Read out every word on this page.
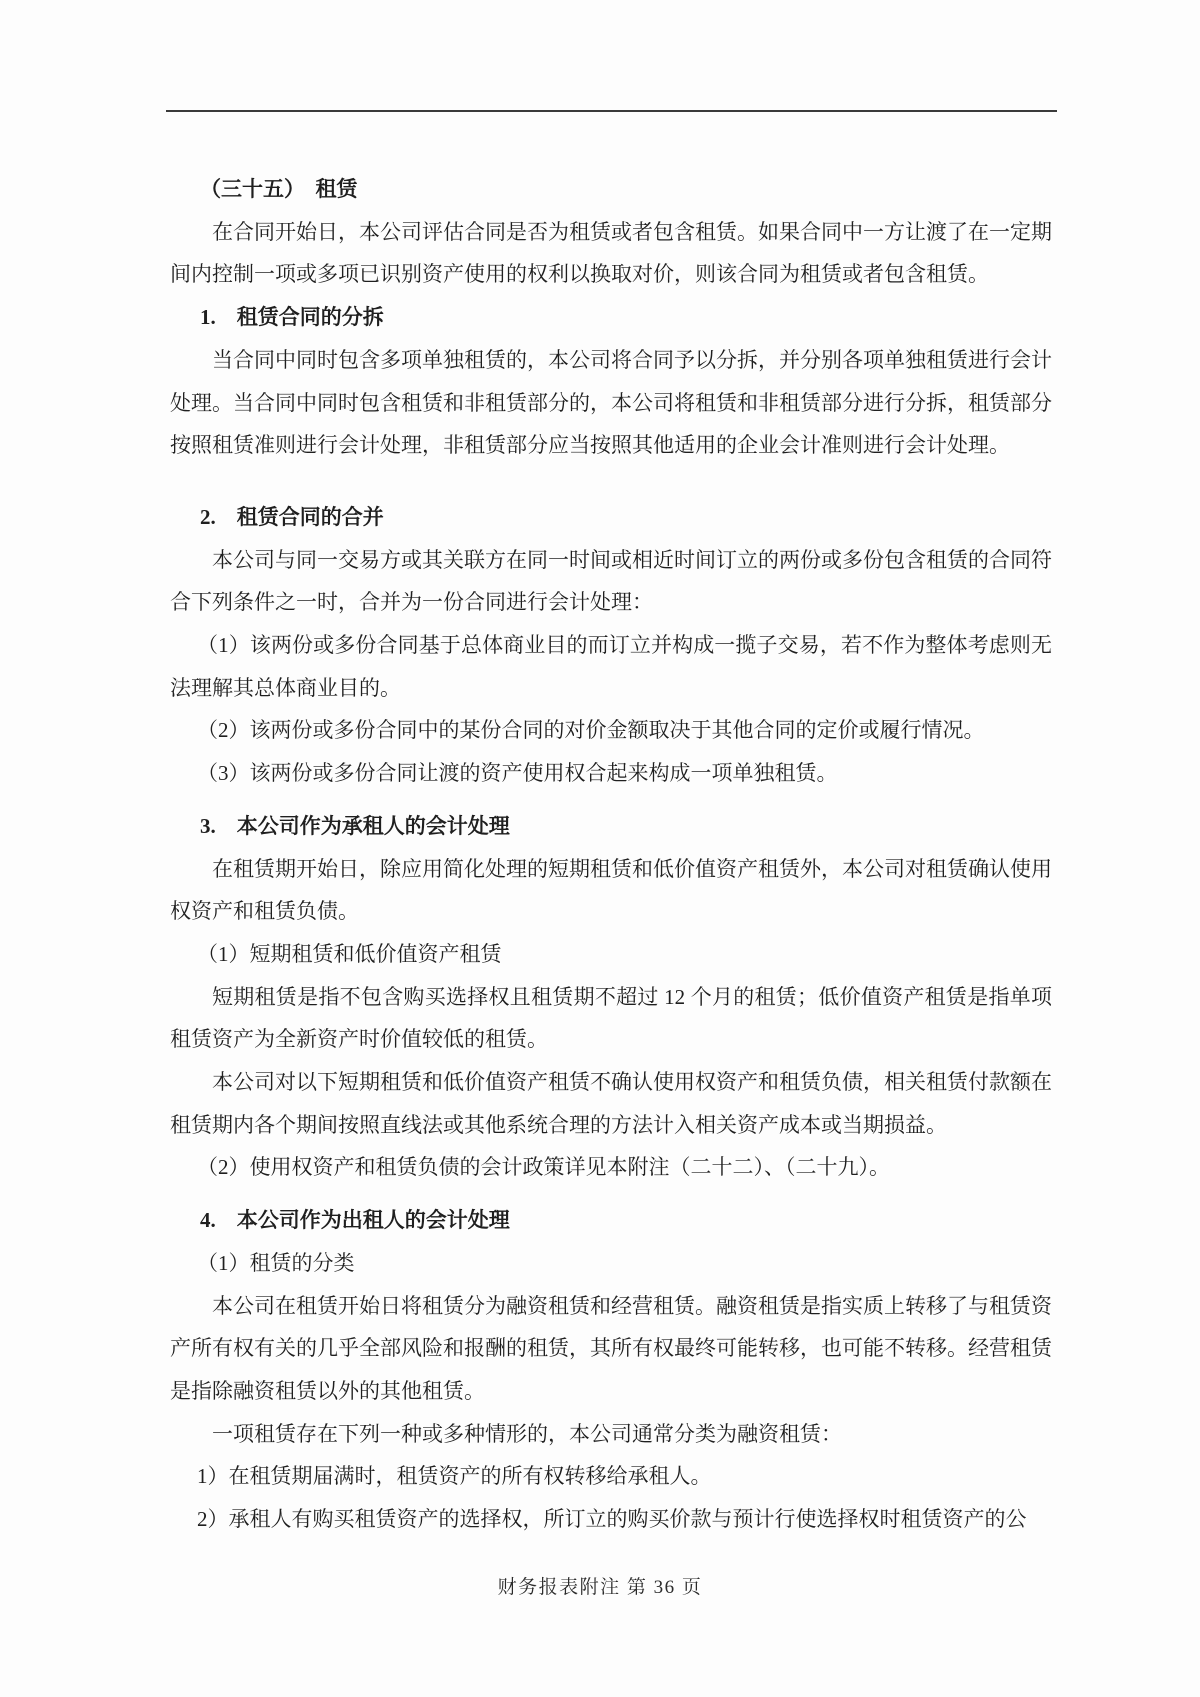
（三十五）　租赁

在合同开始日，本公司评估合同是否为租赁或者包含租赁。如果合同中一方让渡了在一定期间内控制一项或多项已识别资产使用的权利以换取对价，则该合同为租赁或者包含租赁。

1.　租赁合同的分拆

当合同中同时包含多项单独租赁的，本公司将合同予以分拆，并分别各项单独租赁进行会计处理。当合同中同时包含租赁和非租赁部分的，本公司将租赁和非租赁部分进行分拆，租赁部分按照租赁准则进行会计处理，非租赁部分应当按照其他适用的企业会计准则进行会计处理。

2.　租赁合同的合并

本公司与同一交易方或其关联方在同一时间或相近时间订立的两份或多份包含租赁的合同符合下列条件之一时，合并为一份合同进行会计处理：

（1）该两份或多份合同基于总体商业目的而订立并构成一揽子交易，若不作为整体考虑则无法理解其总体商业目的。

（2）该两份或多份合同中的某份合同的对价金额取决于其他合同的定价或履行情况。

（3）该两份或多份合同让渡的资产使用权合起来构成一项单独租赁。

3.　本公司作为承租人的会计处理

在租赁期开始日，除应用简化处理的短期租赁和低价值资产租赁外，本公司对租赁确认使用权资产和租赁负债。

（1）短期租赁和低价值资产租赁

短期租赁是指不包含购买选择权且租赁期不超过 12 个月的租赁；低价值资产租赁是指单项租赁资产为全新资产时价值较低的租赁。

本公司对以下短期租赁和低价值资产租赁不确认使用权资产和租赁负债，相关租赁付款额在租赁期内各个期间按照直线法或其他系统合理的方法计入相关资产成本或当期损益。

（2）使用权资产和租赁负债的会计政策详见本附注（二十二）、（二十九）。

4.　本公司作为出租人的会计处理

（1）租赁的分类

本公司在租赁开始日将租赁分为融资租赁和经营租赁。融资租赁是指实质上转移了与租赁资产所有权有关的几乎全部风险和报酬的租赁，其所有权最终可能转移，也可能不转移。经营租赁是指除融资租赁以外的其他租赁。

一项租赁存在下列一种或多种情形的，本公司通常分类为融资租赁：

1）在租赁期届满时，租赁资产的所有权转移给承租人。

2）承租人有购买租赁资产的选择权，所订立的购买价款与预计行使选择权时租赁资产的公

财务报表附注 第 36 页
